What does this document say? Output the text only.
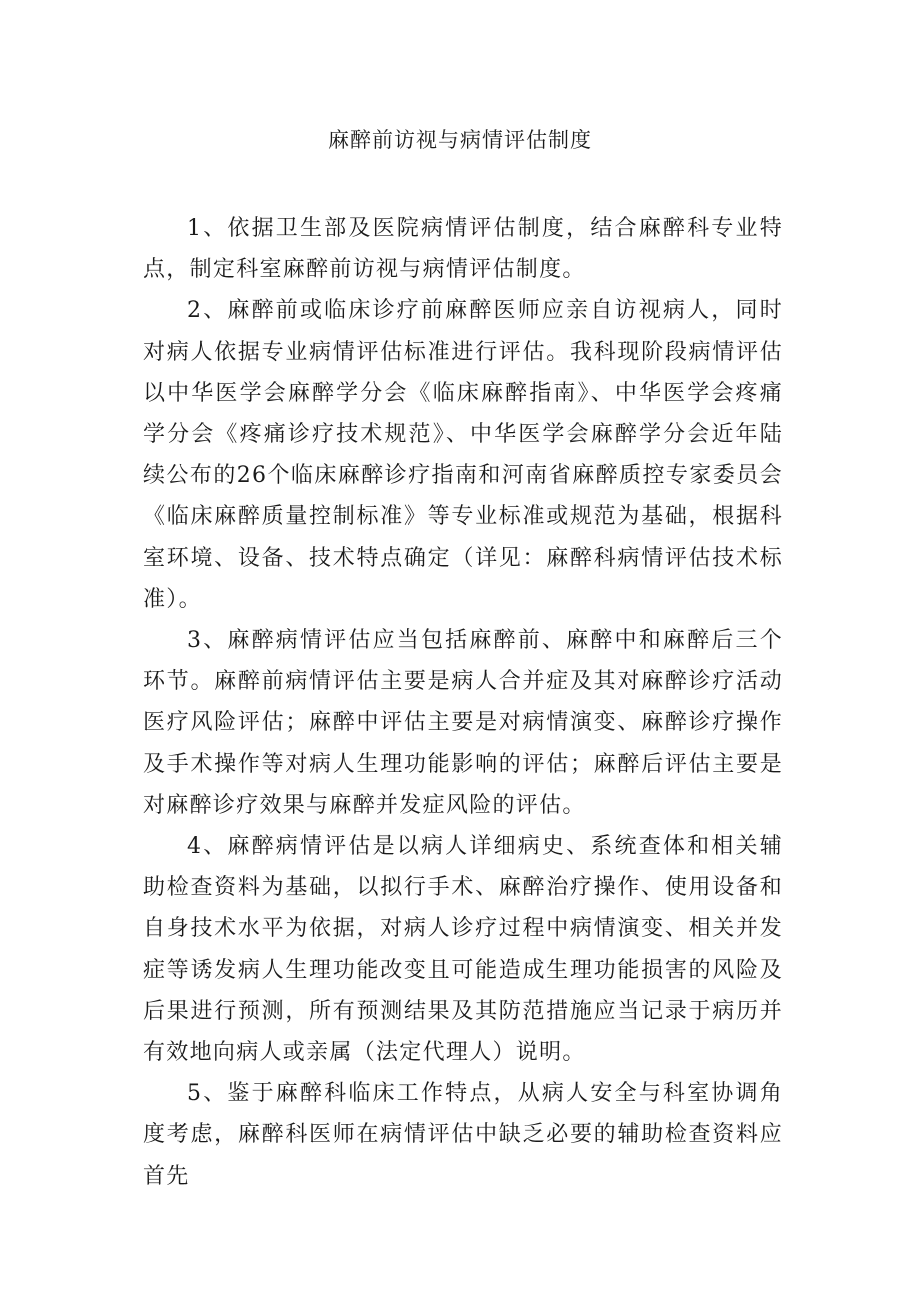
麻醉前访视与病情评估制度

1、依据卫生部及医院病情评估制度，结合麻醉科专业特点，制定科室麻醉前访视与病情评估制度。

2、麻醉前或临床诊疗前麻醉医师应亲自访视病人，同时对病人依据专业病情评估标准进行评估。我科现阶段病情评估以中华医学会麻醉学分会《临床麻醉指南》、中华医学会疼痛学分会《疼痛诊疗技术规范》、中华医学会麻醉学分会近年陆续公布的26个临床麻醉诊疗指南和河南省麻醉质控专家委员会《临床麻醉质量控制标准》等专业标准或规范为基础，根据科室环境、设备、技术特点确定（详见：麻醉科病情评估技术标准）。

3、麻醉病情评估应当包括麻醉前、麻醉中和麻醉后三个环节。麻醉前病情评估主要是病人合并症及其对麻醉诊疗活动医疗风险评估；麻醉中评估主要是对病情演变、麻醉诊疗操作及手术操作等对病人生理功能影响的评估；麻醉后评估主要是对麻醉诊疗效果与麻醉并发症风险的评估。

4、麻醉病情评估是以病人详细病史、系统查体和相关辅助检查资料为基础，以拟行手术、麻醉治疗操作、使用设备和自身技术水平为依据，对病人诊疗过程中病情演变、相关并发症等诱发病人生理功能改变且可能造成生理功能损害的风险及后果进行预测，所有预测结果及其防范措施应当记录于病历并有效地向病人或亲属（法定代理人）说明。

5、鉴于麻醉科临床工作特点，从病人安全与科室协调角度考虑，麻醉科医师在病情评估中缺乏必要的辅助检查资料应首先
